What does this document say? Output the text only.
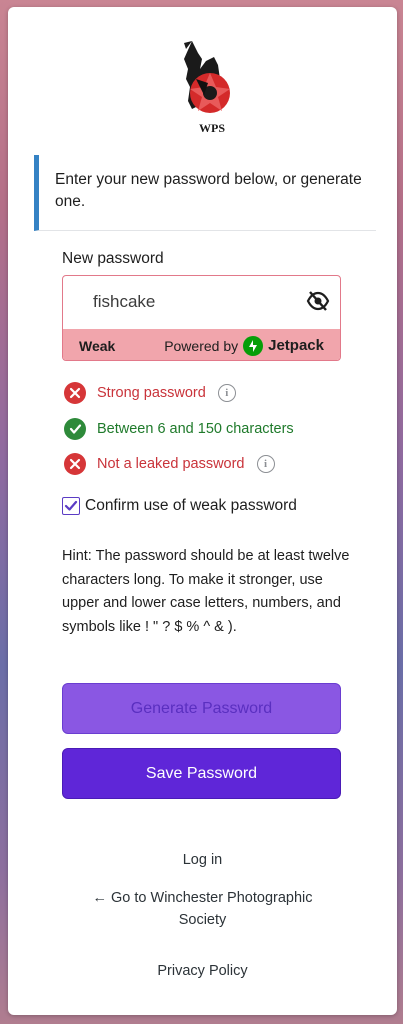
WPS
Enter your new password below, or generate one.
New password
fishcake
Weak	Powered by Jetpack
Strong password	i
Between 6 and 150 characters
Not a leaked password	i
Confirm use of weak password
Hint: The password should be at least twelve characters long. To make it stronger, use upper and lower case letters, numbers, and symbols like ! " ? $ % ^ & ).
Generate Password
Save Password
Log in
← Go to Winchester Photographic Society
Privacy Policy
